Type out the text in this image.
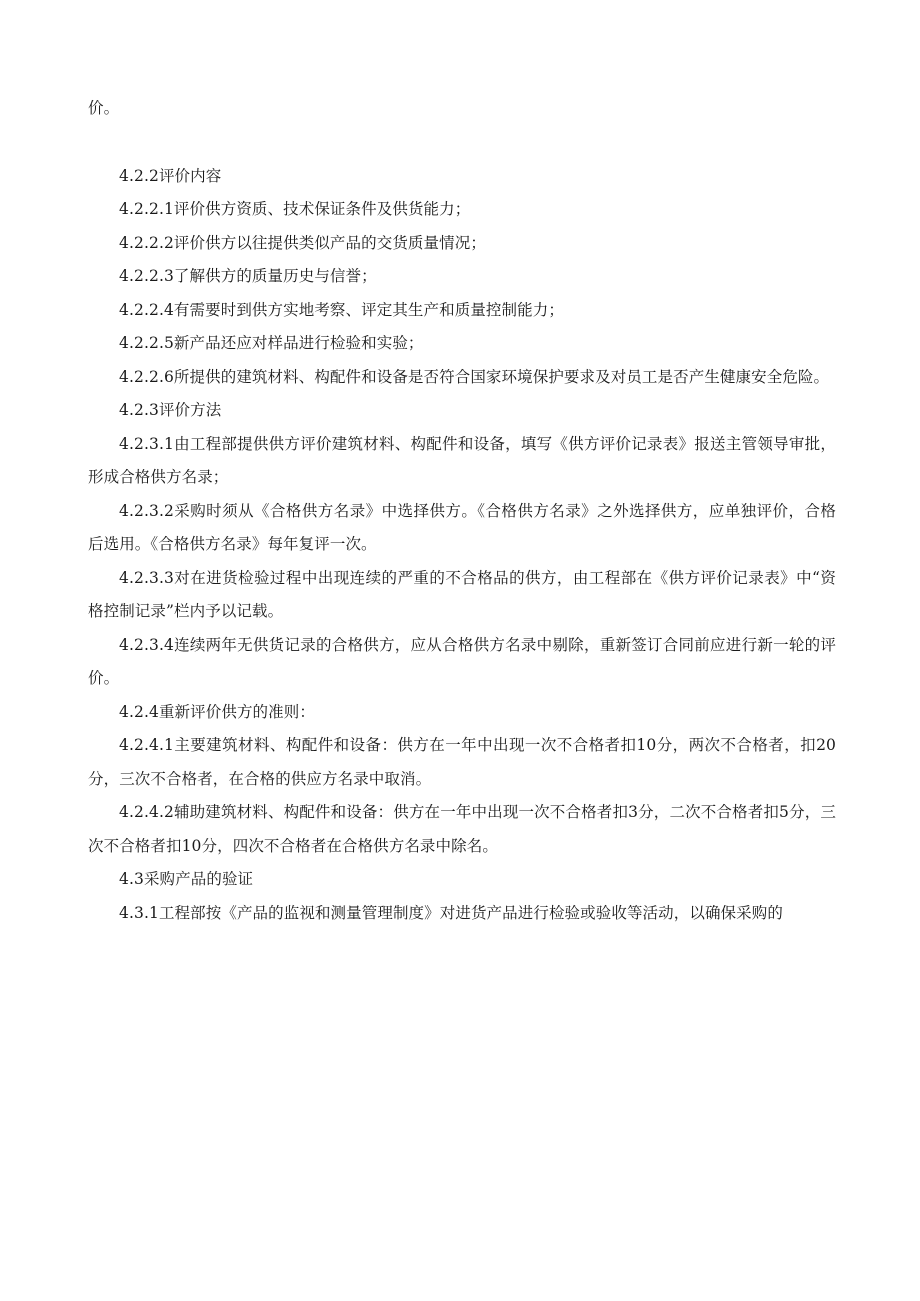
价。

4.2.2评价内容

4.2.2.1评价供方资质、技术保证条件及供货能力；

4.2.2.2评价供方以往提供类似产品的交货质量情况；

4.2.2.3了解供方的质量历史与信誉；

4.2.2.4有需要时到供方实地考察、评定其生产和质量控制能力；

4.2.2.5新产品还应对样品进行检验和实验；

4.2.2.6所提供的建筑材料、构配件和设备是否符合国家环境保护要求及对员工是否产生健康安全危险。

4.2.3评价方法

4.2.3.1由工程部提供供方评价建筑材料、构配件和设备，填写《供方评价记录表》报送主管领导审批，形成合格供方名录；

4.2.3.2采购时须从《合格供方名录》中选择供方。《合格供方名录》之外选择供方，应单独评价，合格后选用。《合格供方名录》每年复评一次。

4.2.3.3对在进货检验过程中出现连续的严重的不合格品的供方，由工程部在《供方评价记录表》中“资格控制记录”栏内予以记载。

4.2.3.4连续两年无供货记录的合格供方，应从合格供方名录中剔除，重新签订合同前应进行新一轮的评价。

4.2.4重新评价供方的准则：

4.2.4.1主要建筑材料、构配件和设备：供方在一年中出现一次不合格者扣10分，两次不合格者，扣20分，三次不合格者，在合格的供应方名录中取消。

4.2.4.2辅助建筑材料、构配件和设备：供方在一年中出现一次不合格者扣3分，二次不合格者扣5分，三次不合格者扣10分，四次不合格者在合格供方名录中除名。

4.3采购产品的验证

4.3.1工程部按《产品的监视和测量管理制度》对进货产品进行检验或验收等活动，以确保采购的
